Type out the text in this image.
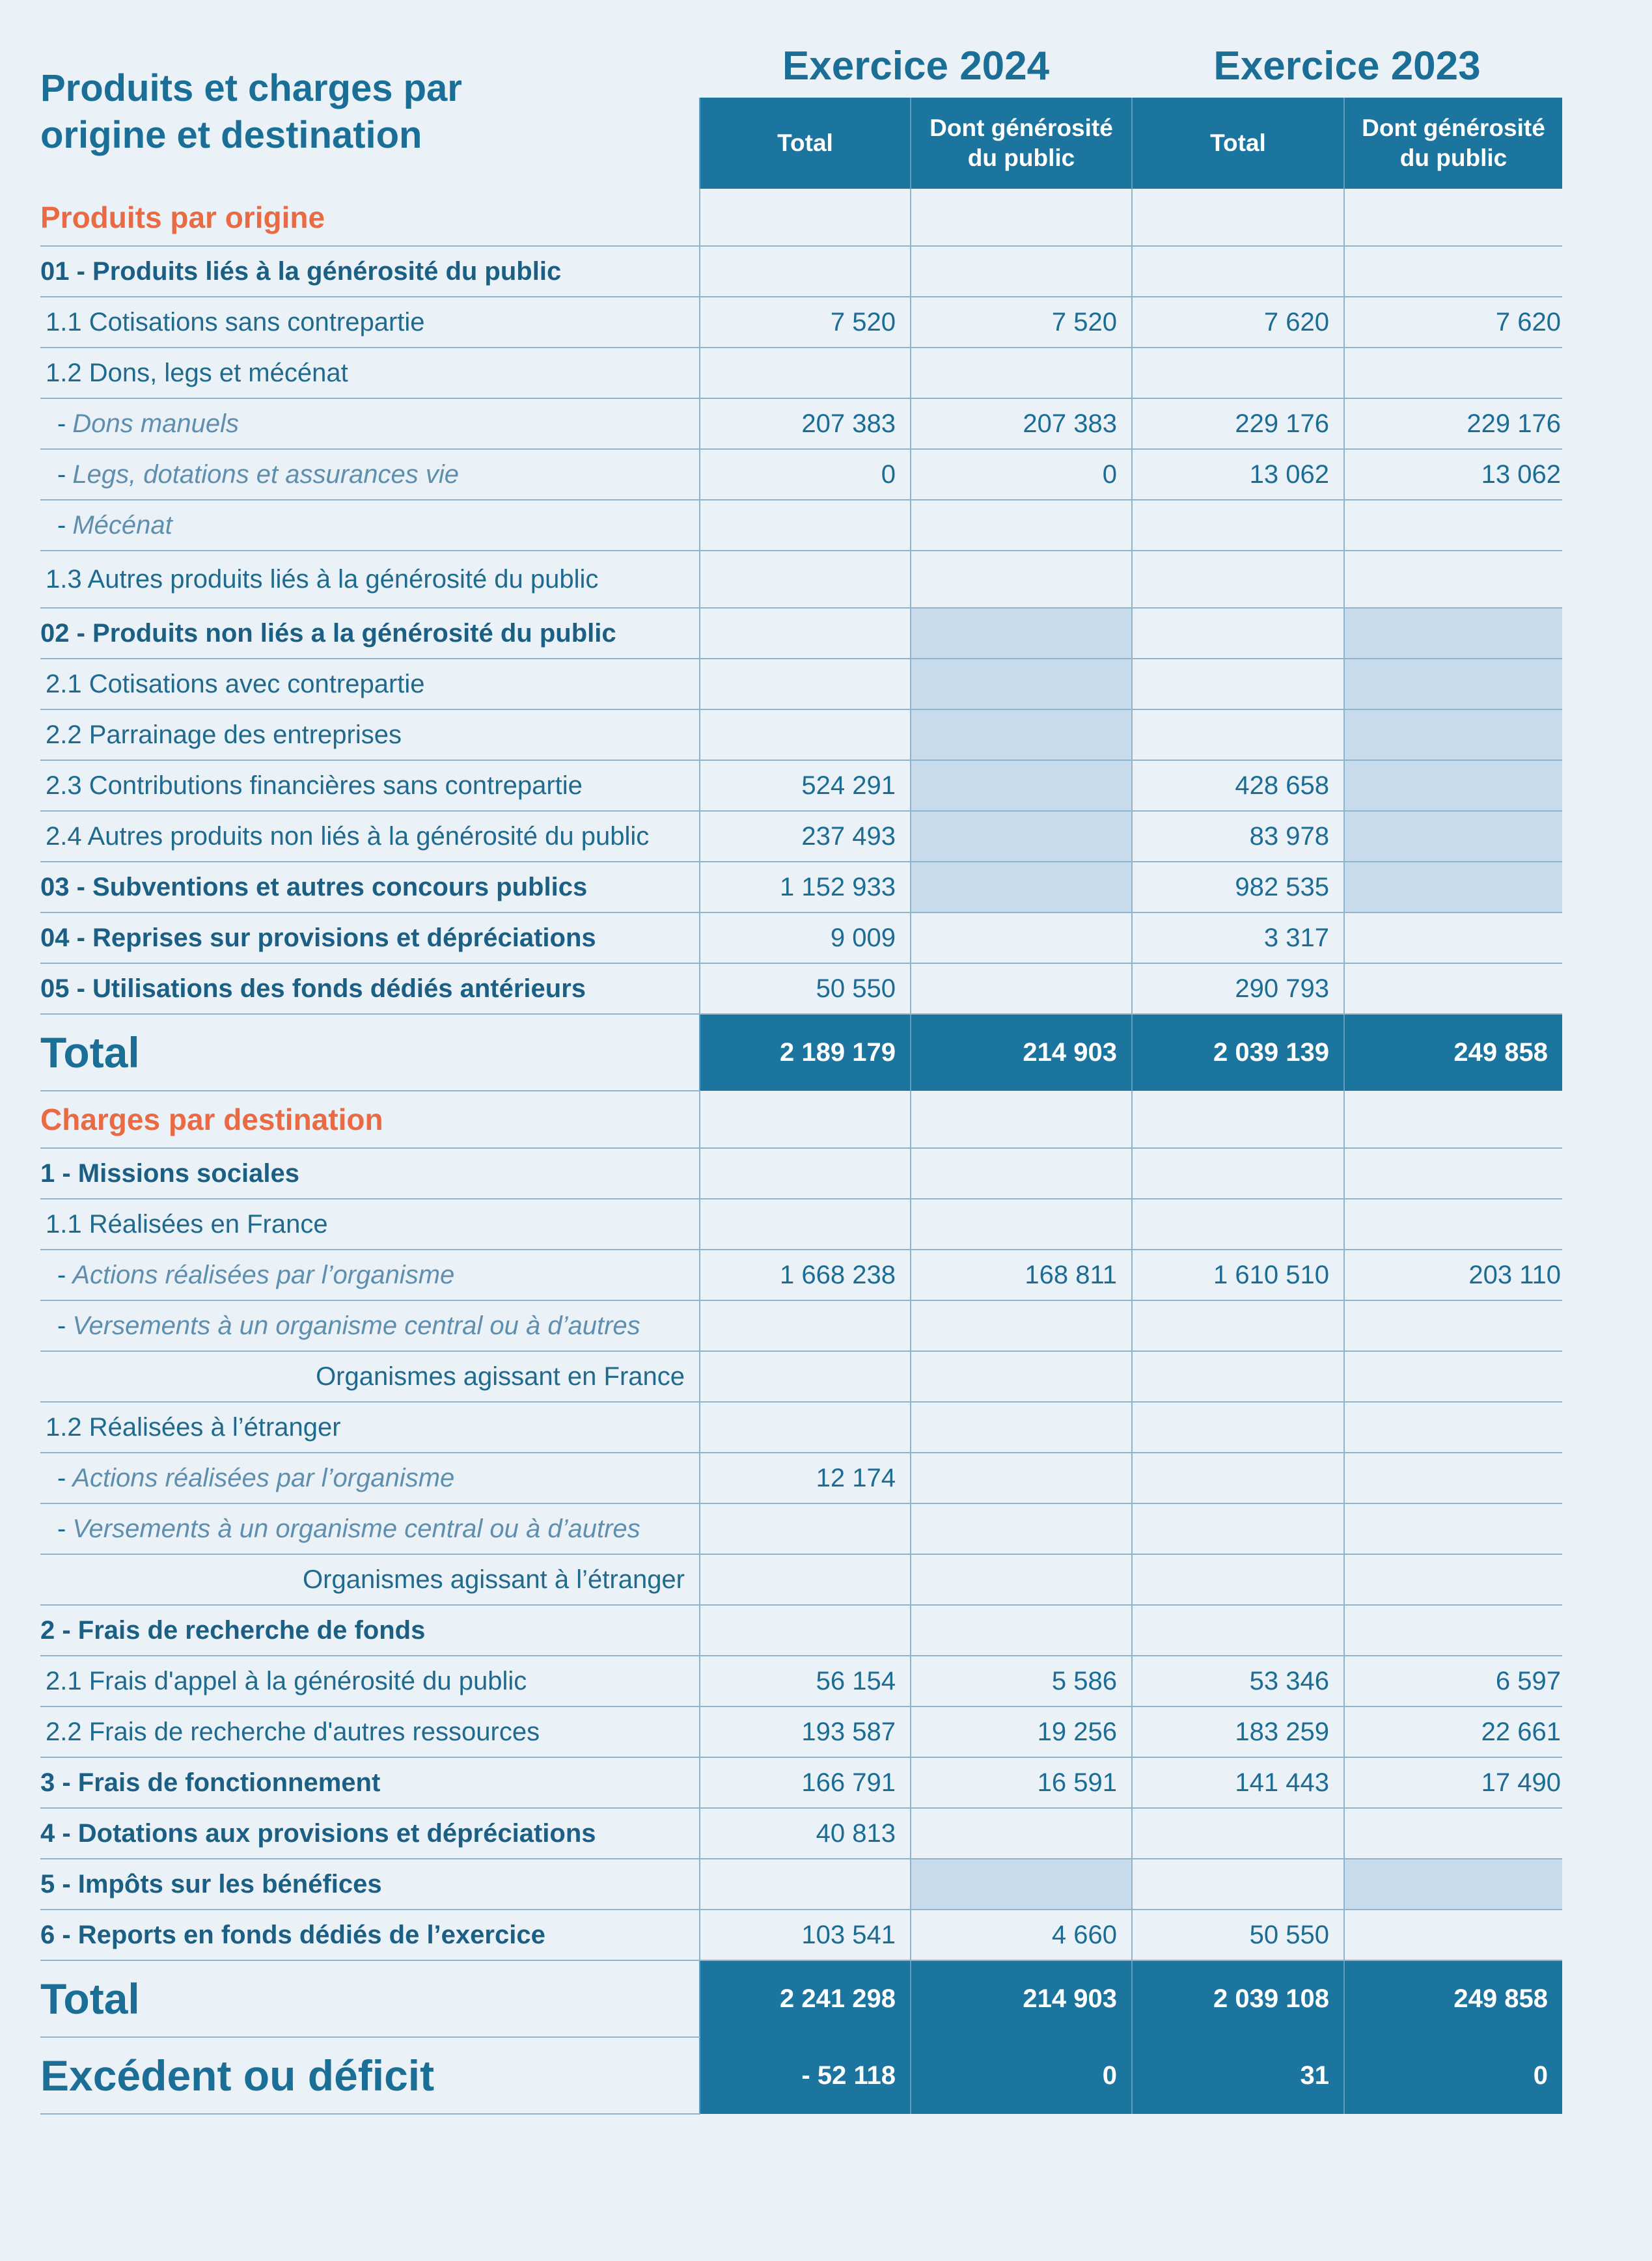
Produits et charges par
origine et destination
Exercice 2024	Exercice 2023
	Total	Dont générosité
du public	Total	Dont générosité
du public
Produits par origine				
01 - Produits liés à la générosité du public				
1.1 Cotisations sans contrepartie	7 520	7 520	7 620	7 620
1.2 Dons, legs et mécénat				
- Dons manuels	207 383	207 383	229 176	229 176
- Legs, dotations et assurances vie	0	0	13 062	13 062
- Mécénat				
1.3 Autres produits liés à la générosité du public				
02 - Produits non liés a la générosité du public				
2.1 Cotisations avec contrepartie				
2.2 Parrainage des entreprises				
2.3 Contributions financières sans contrepartie	524 291		428 658	
2.4 Autres produits non liés à la générosité du public	237 493		83 978	
03 - Subventions et autres concours publics	1 152 933		982 535	
04 - Reprises sur provisions et dépréciations	9 009		3 317	
05 - Utilisations des fonds dédiés antérieurs	50 550		290 793	
Total	2 189 179	214 903	2 039 139	249 858
Charges par destination				
1 - Missions sociales				
1.1 Réalisées en France				
- Actions réalisées par l’organisme	1 668 238	168 811	1 610 510	203 110
- Versements à un organisme central ou à d’autres				
Organismes agissant en France				
1.2 Réalisées à l’étranger				
- Actions réalisées par l’organisme	12 174			
- Versements à un organisme central ou à d’autres				
Organismes agissant à l’étranger				
2 - Frais de recherche de fonds				
2.1 Frais d'appel à la générosité du public	56 154	5 586	53 346	6 597
2.2 Frais de recherche d'autres ressources	193 587	19 256	183 259	22 661
3 - Frais de fonctionnement	166 791	16 591	141 443	17 490
4 - Dotations aux provisions et dépréciations	40 813			
5 - Impôts sur les bénéfices				
6 - Reports en fonds dédiés de l’exercice	103 541	4 660	50 550	
Total	2 241 298	214 903	2 039 108	249 858
Excédent ou déficit	- 52 118	0	31	0
